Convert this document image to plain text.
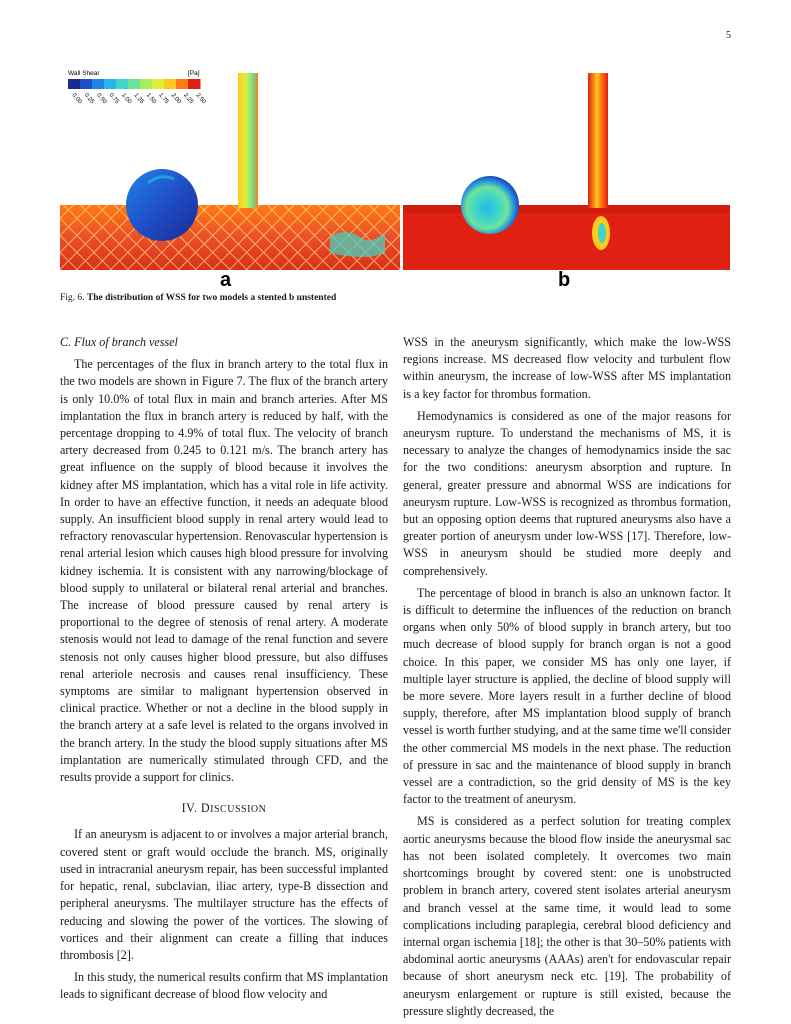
5
Wall Shear	[Pa]
0.00 0.25 0.50 0.75 1.00 1.25 1.50 1.75 2.00 2.25 2.50
a	b
Fig. 6. The distribution of WSS for two models a stented b unstented
C. Flux of branch vessel

The percentages of the flux in branch artery to the total flux in the two models are shown in Figure 7. The flux of the branch artery is only 10.0% of total flux in main and branch arteries. After MS implantation the flux in branch artery is reduced by half, with the percentage dropping to 4.9% of total flux. The velocity of branch artery decreased from 0.245 to 0.121 m/s. The branch artery has great influence on the supply of blood because it involves the kidney after MS implantation, which has a vital role in life activity. In order to have an effective function, it needs an adequate blood supply. An insufficient blood supply in renal artery would lead to refractory renovascular hypertension. Renovascular hypertension is renal arterial lesion which causes high blood pressure for involving kidney ischemia. It is consistent with any narrowing/blockage of blood supply to unilateral or bilateral renal arterial and branches. The increase of blood pressure caused by renal artery is proportional to the degree of stenosis of renal artery. A moderate stenosis would not lead to damage of the renal function and severe stenosis not only causes higher blood pressure, but also diffuses renal arteriole necrosis and causes renal insufficiency. These symptoms are similar to malignant hypertension observed in clinical practice. Whether or not a decline in the blood supply in the branch artery at a safe level is related to the organs involved in the branch artery. In the study the blood supply situations after MS implantation are numerically stimulated through CFD, and the results provide a support for clinics.

IV. DISCUSSION

If an aneurysm is adjacent to or involves a major arterial branch, covered stent or graft would occlude the branch. MS, originally used in intracranial aneurysm repair, has been successful implanted for hepatic, renal, subclavian, iliac artery, type-B dissection and peripheral aneurysms. The multilayer structure has the effects of reducing and slowing the power of the vortices. The slowing of vortices and their alignment can create a filling that induces thrombosis [2].

In this study, the numerical results confirm that MS implantation leads to significant decrease of blood flow velocity and

WSS in the aneurysm significantly, which make the low-WSS regions increase. MS decreased flow velocity and turbulent flow within aneurysm, the increase of low-WSS after MS implantation is a key factor for thrombus formation.

Hemodynamics is considered as one of the major reasons for aneurysm rupture. To understand the mechanisms of MS, it is necessary to analyze the changes of hemodynamics inside the sac for the two conditions: aneurysm absorption and rupture. In general, greater pressure and abnormal WSS are indications for aneurysm rupture. Low-WSS is recognized as thrombus formation, but an opposing option deems that ruptured aneurysms also have a greater portion of aneurysm under low-WSS [17]. Therefore, low-WSS in aneurysm should be studied more deeply and comprehensively.

The percentage of blood in branch is also an unknown factor. It is difficult to determine the influences of the reduction on branch organs when only 50% of blood supply in branch artery, but too much decrease of blood supply for branch organ is not a good choice. In this paper, we consider MS has only one layer, if multiple layer structure is applied, the decline of blood supply will be more severe. More layers result in a further decline of blood supply, therefore, after MS implantation blood supply of branch vessel is worth further studying, and at the same time we'll consider the other commercial MS models in the next phase. The reduction of pressure in sac and the maintenance of blood supply in branch vessel are a contradiction, so the grid density of MS is the key factor to the treatment of aneurysm.

MS is considered as a perfect solution for treating complex aortic aneurysms because the blood flow inside the aneurysmal sac has not been isolated completely. It overcomes two main shortcomings brought by covered stent: one is unobstructed problem in branch artery, covered stent isolates arterial aneurysm and branch vessel at the same time, it would lead to some complications including paraplegia, cerebral blood deficiency and internal organ ischemia [18]; the other is that 30–50% patients with abdominal aortic aneurysms (AAAs) aren't for endovascular repair because of short aneurysm neck etc. [19]. The probability of aneurysm enlargement or rupture is still existed, because the pressure slightly decreased, the
